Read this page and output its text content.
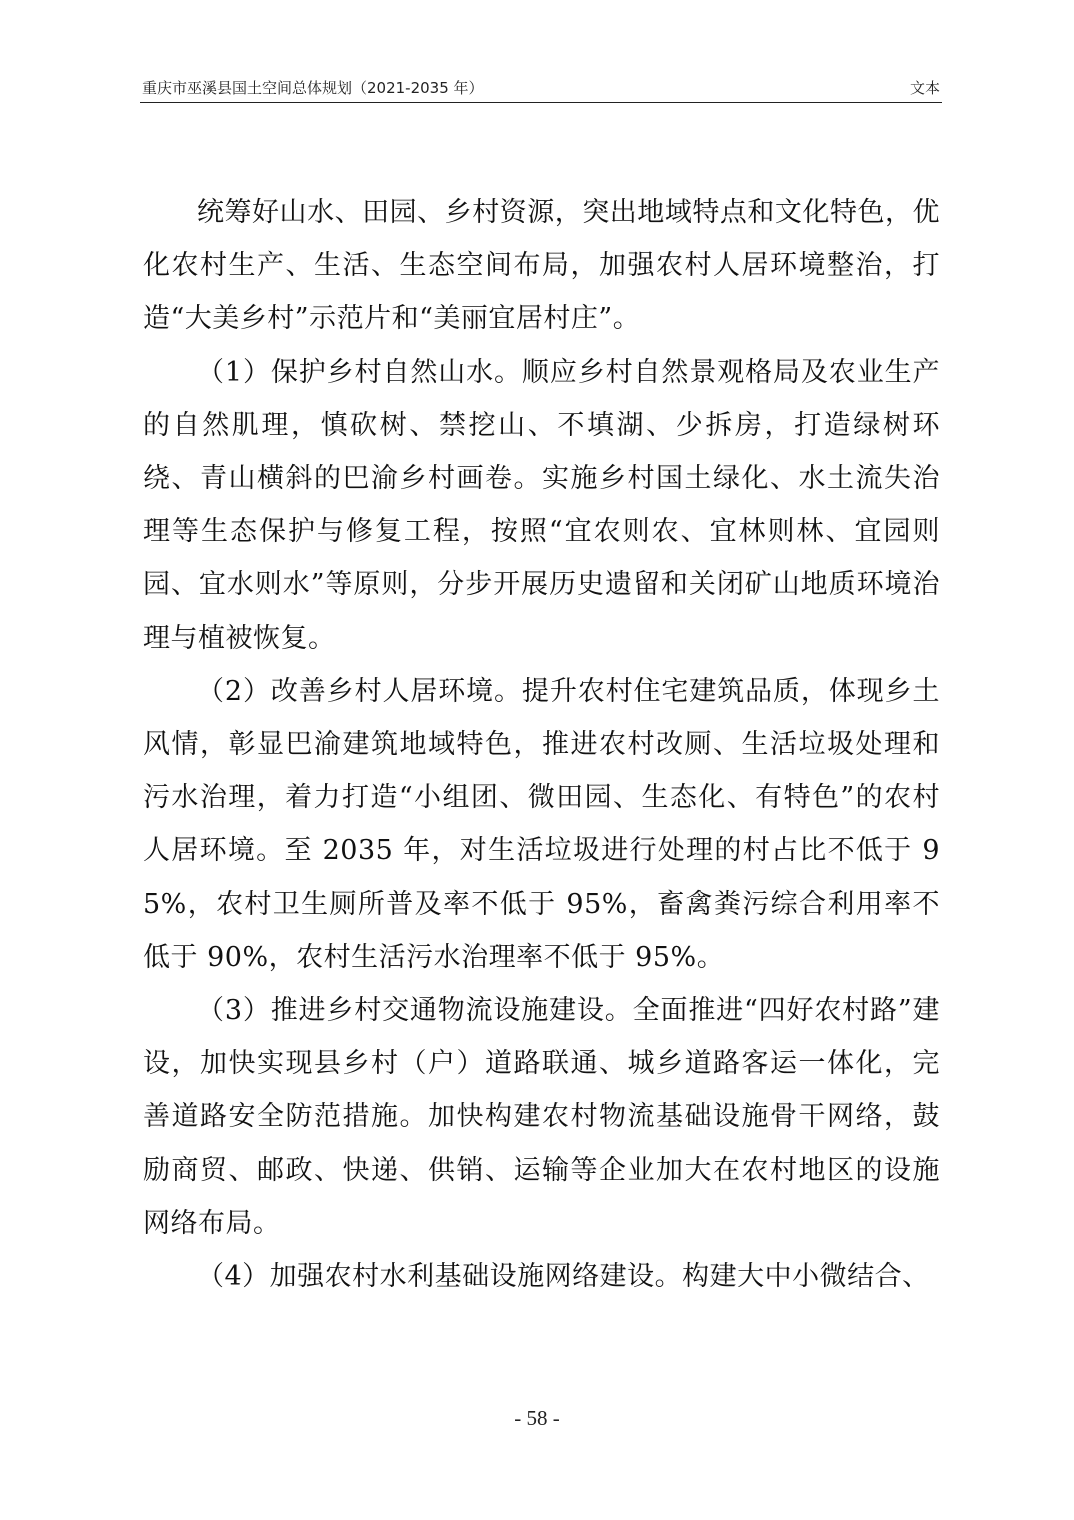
重庆市巫溪县国土空间总体规划（2021-2035 年）	文本

统筹好山水、田园、乡村资源，突出地域特点和文化特色，优化农村生产、生活、生态空间布局，加强农村人居环境整治，打造“大美乡村”示范片和“美丽宜居村庄”。

（1）保护乡村自然山水。顺应乡村自然景观格局及农业生产的自然肌理，慎砍树、禁挖山、不填湖、少拆房，打造绿树环绕、青山横斜的巴渝乡村画卷。实施乡村国土绿化、水土流失治理等生态保护与修复工程，按照“宜农则农、宜林则林、宜园则园、宜水则水”等原则，分步开展历史遗留和关闭矿山地质环境治理与植被恢复。

（2）改善乡村人居环境。提升农村住宅建筑品质，体现乡土风情，彰显巴渝建筑地域特色，推进农村改厕、生活垃圾处理和污水治理，着力打造“小组团、微田园、生态化、有特色”的农村人居环境。至 2035 年，对生活垃圾进行处理的村占比不低于 95%，农村卫生厕所普及率不低于 95%，畜禽粪污综合利用率不低于 90%，农村生活污水治理率不低于 95%。

（3）推进乡村交通物流设施建设。全面推进“四好农村路”建设，加快实现县乡村（户）道路联通、城乡道路客运一体化，完善道路安全防范措施。加快构建农村物流基础设施骨干网络，鼓励商贸、邮政、快递、供销、运输等企业加大在农村地区的设施网络布局。

（4）加强农村水利基础设施网络建设。构建大中小微结合、

- 58 -
